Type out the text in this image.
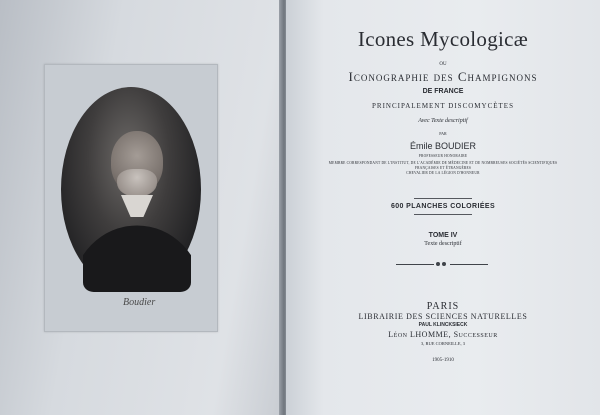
Boudier
Icones Mycologicæ
OU
Iconographie des Champignons
DE FRANCE
PRINCIPALEMENT DISCOMYCÈTES
Avec Texte descriptif
PAR
Émile BOUDIER
PROFESSEUR HONORAIRE
MEMBRE CORRESPONDANT DE L'INSTITUT, DE L'ACADÉMIE DE MÉDECINE ET DE NOMBREUSES SOCIÉTÉS SCIENTIFIQUES
FRANÇAISES ET ÉTRANGÈRES
CHEVALIER DE LA LÉGION D'HONNEUR
600 PLANCHES COLORIÉES
TOME IV
Texte descriptif
PARIS
LIBRAIRIE DES SCIENCES NATURELLES
PAUL KLINCKSIECK
Léon LHOMME, Successeur
3, RUE CORNEILLE, 3
1905-1910
